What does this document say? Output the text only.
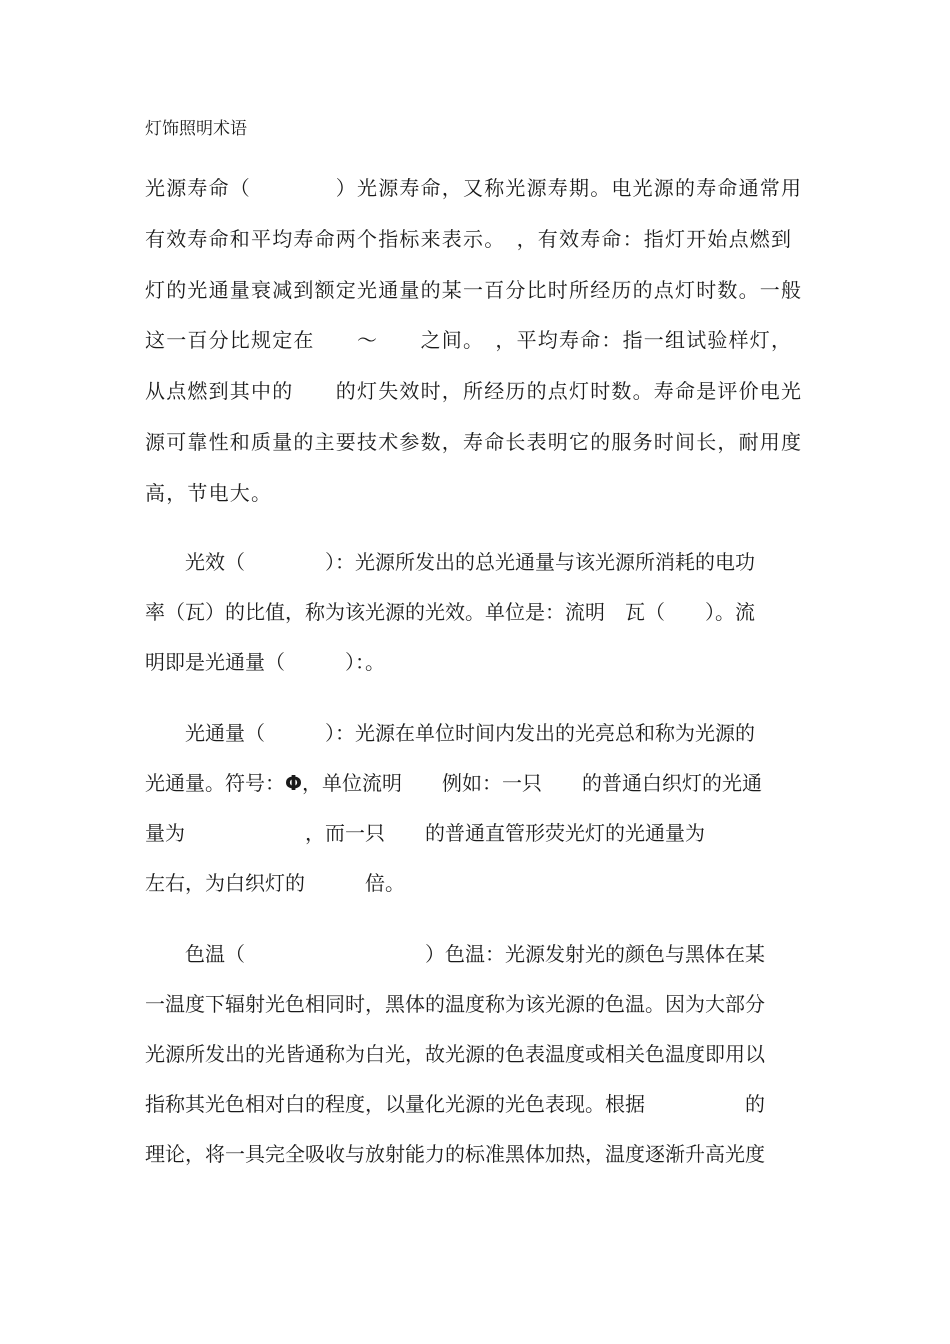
灯饰照明术语
光源寿命（　　　　）光源寿命，又称光源寿期。电光源的寿命通常用
有效寿命和平均寿命两个指标来表示。　，有效寿命：指灯开始点燃到
灯的光通量衰减到额定光通量的某一百分比时所经历的点灯时数。一般
这一百分比规定在　　～　　之间。　，平均寿命：指一组试验样灯，
从点燃到其中的　　的灯失效时，所经历的点灯时数。寿命是评价电光
源可靠性和质量的主要技术参数，寿命长表明它的服务时间长，耐用度
高，节电大。
　　光效（　　　　）：光源所发出的总光通量与该光源所消耗的电功
率（瓦）的比值，称为该光源的光效。单位是：流明　瓦（　　）。流
明即是光通量（　　　）：。
　　光通量（　　　）：光源在单位时间内发出的光亮总和称为光源的
光通量。符号：Φ，单位流明　　例如：一只　　的普通白织灯的光通
量为　　　　　　，而一只　　的普通直管形荧光灯的光通量为
左右，为白织灯的　　　倍。
　　色温（　　　　　　　　　）色温：光源发射光的颜色与黑体在某
一温度下辐射光色相同时，黑体的温度称为该光源的色温。因为大部分
光源所发出的光皆通称为白光，故光源的色表温度或相关色温度即用以
指称其光色相对白的程度，以量化光源的光色表现。根据　　　　　的
理论，将一具完全吸收与放射能力的标准黑体加热，温度逐渐升高光度
